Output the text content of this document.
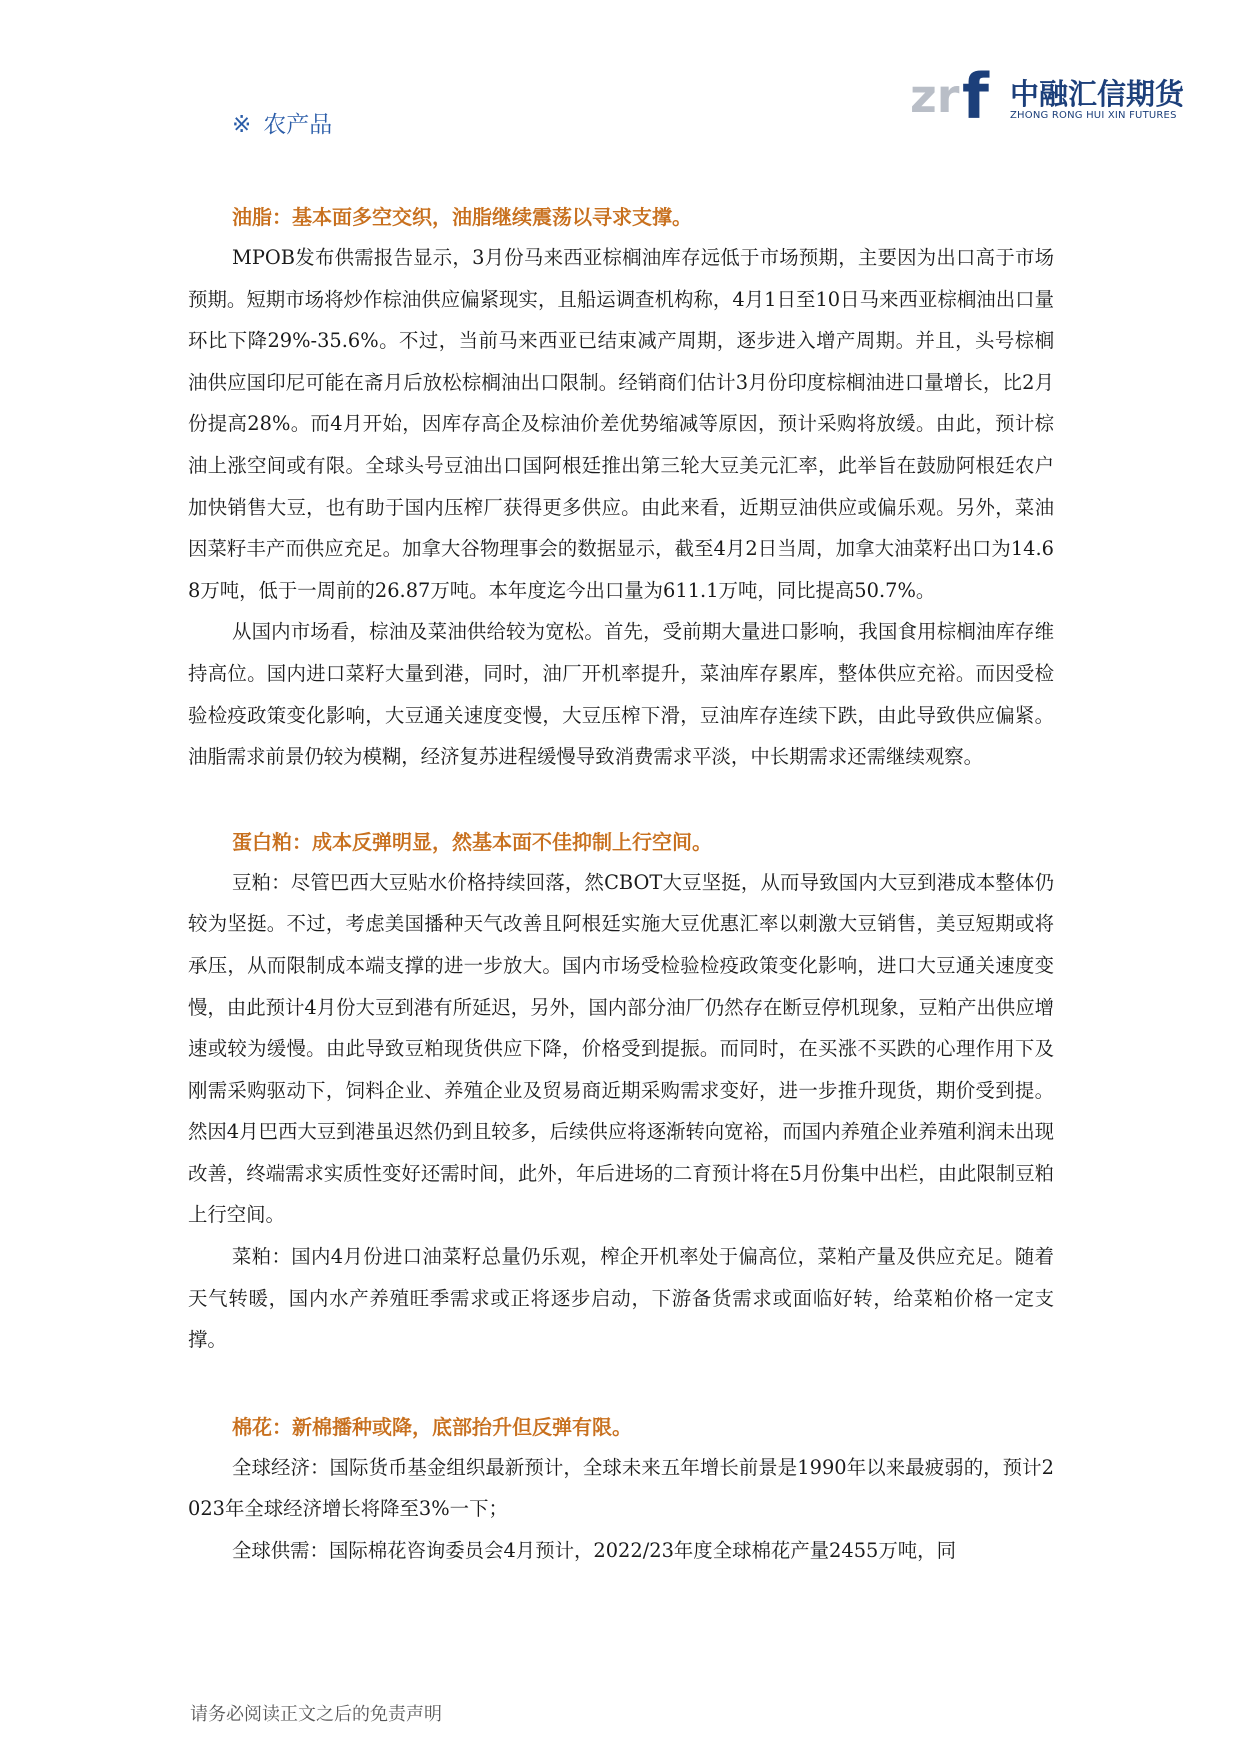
zr f 中融汇信期货
ZHONG RONG HUI XIN FUTURES
※ 农产品
油脂：基本面多空交织，油脂继续震荡以寻求支撑。

MPOB发布供需报告显示，3月份马来西亚棕榈油库存远低于市场预期，主要因为出口高于市场预期。短期市场将炒作棕油供应偏紧现实，且船运调查机构称，4月1日至10日马来西亚棕榈油出口量环比下降29%-35.6%。不过，当前马来西亚已结束减产周期，逐步进入增产周期。并且，头号棕榈油供应国印尼可能在斋月后放松棕榈油出口限制。经销商们估计3月份印度棕榈油进口量增长，比2月份提高28%。而4月开始，因库存高企及棕油价差优势缩减等原因，预计采购将放缓。由此，预计棕油上涨空间或有限。全球头号豆油出口国阿根廷推出第三轮大豆美元汇率，此举旨在鼓励阿根廷农户加快销售大豆，也有助于国内压榨厂获得更多供应。由此来看，近期豆油供应或偏乐观。另外，菜油因菜籽丰产而供应充足。加拿大谷物理事会的数据显示，截至4月2日当周，加拿大油菜籽出口为14.68万吨，低于一周前的26.87万吨。本年度迄今出口量为611.1万吨，同比提高50.7%。

从国内市场看，棕油及菜油供给较为宽松。首先，受前期大量进口影响，我国食用棕榈油库存维持高位。国内进口菜籽大量到港，同时，油厂开机率提升，菜油库存累库，整体供应充裕。而因受检验检疫政策变化影响，大豆通关速度变慢，大豆压榨下滑，豆油库存连续下跌，由此导致供应偏紧。油脂需求前景仍较为模糊，经济复苏进程缓慢导致消费需求平淡，中长期需求还需继续观察。

蛋白粕：成本反弹明显，然基本面不佳抑制上行空间。

豆粕：尽管巴西大豆贴水价格持续回落，然CBOT大豆坚挺，从而导致国内大豆到港成本整体仍较为坚挺。不过，考虑美国播种天气改善且阿根廷实施大豆优惠汇率以刺激大豆销售，美豆短期或将承压，从而限制成本端支撑的进一步放大。国内市场受检验检疫政策变化影响，进口大豆通关速度变慢，由此预计4月份大豆到港有所延迟，另外，国内部分油厂仍然存在断豆停机现象，豆粕产出供应增速或较为缓慢。由此导致豆粕现货供应下降，价格受到提振。而同时，在买涨不买跌的心理作用下及刚需采购驱动下，饲料企业、养殖企业及贸易商近期采购需求变好，进一步推升现货，期价受到提。然因4月巴西大豆到港虽迟然仍到且较多，后续供应将逐渐转向宽裕，而国内养殖企业养殖利润未出现改善，终端需求实质性变好还需时间，此外，年后进场的二育预计将在5月份集中出栏，由此限制豆粕上行空间。

菜粕：国内4月份进口油菜籽总量仍乐观，榨企开机率处于偏高位，菜粕产量及供应充足。随着天气转暖，国内水产养殖旺季需求或正将逐步启动，下游备货需求或面临好转，给菜粕价格一定支撑。

棉花：新棉播种或降，底部抬升但反弹有限。

全球经济：国际货币基金组织最新预计，全球未来五年增长前景是1990年以来最疲弱的，预计2023年全球经济增长将降至3%一下；

全球供需：国际棉花咨询委员会4月预计，2022/23年度全球棉花产量2455万吨，同

请务必阅读正文之后的免责声明
